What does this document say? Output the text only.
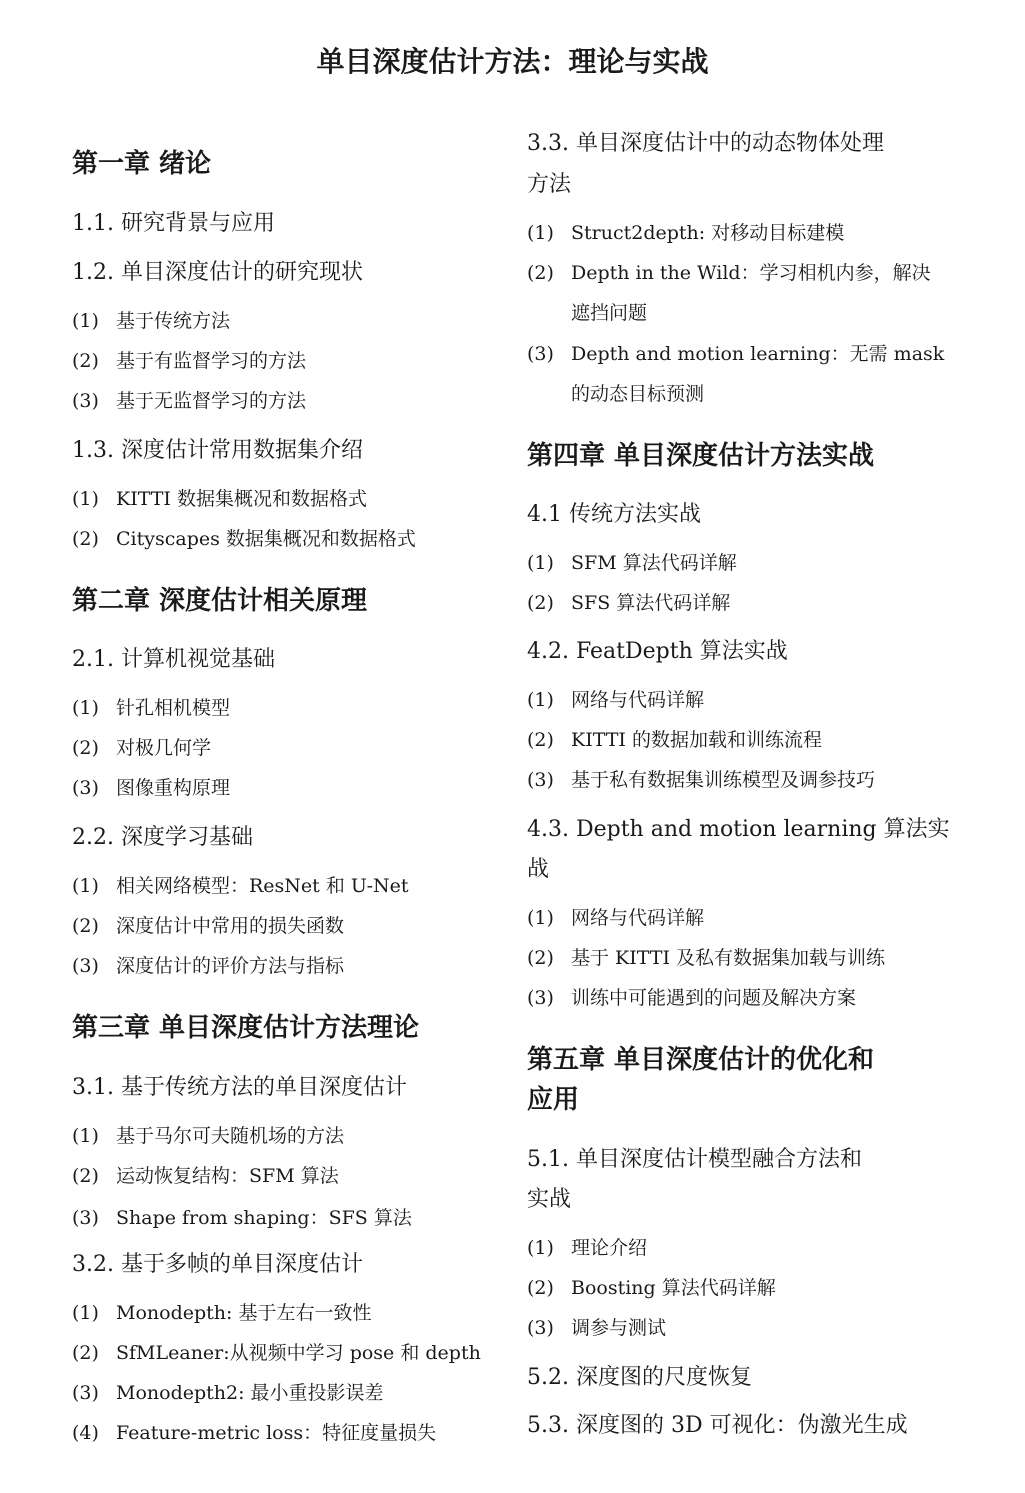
单目深度估计方法：理论与实战
第一章 绪论
1.1. 研究背景与应用
1.2. 单目深度估计的研究现状
(1) 基于传统方法
(2) 基于有监督学习的方法
(3) 基于无监督学习的方法
1.3. 深度估计常用数据集介绍
(1) KITTI 数据集概况和数据格式
(2) Cityscapes 数据集概况和数据格式
第二章 深度估计相关原理
2.1. 计算机视觉基础
(1) 针孔相机模型
(2) 对极几何学
(3) 图像重构原理
2.2. 深度学习基础
(1) 相关网络模型：ResNet 和 U-Net
(2) 深度估计中常用的损失函数
(3) 深度估计的评价方法与指标
第三章 单目深度估计方法理论
3.1. 基于传统方法的单目深度估计
(1) 基于马尔可夫随机场的方法
(2) 运动恢复结构：SFM 算法
(3) Shape from shaping：SFS 算法
3.2. 基于多帧的单目深度估计
(1) Monodepth: 基于左右一致性
(2) SfMLeaner:从视频中学习 pose 和 depth
(3) Monodepth2: 最小重投影误差
(4) Feature-metric loss：特征度量损失
3.3. 单目深度估计中的动态物体处理
方法
(1) Struct2depth: 对移动目标建模
(2) Depth in the Wild：学习相机内参，解决
遮挡问题
(3) Depth and motion learning：无需 mask
的动态目标预测
第四章 单目深度估计方法实战
4.1 传统方法实战
(1) SFM 算法代码详解
(2) SFS 算法代码详解
4.2. FeatDepth 算法实战
(1) 网络与代码详解
(2) KITTI 的数据加载和训练流程
(3) 基于私有数据集训练模型及调参技巧
4.3. Depth and motion learning 算法实
战
(1) 网络与代码详解
(2) 基于 KITTI 及私有数据集加载与训练
(3) 训练中可能遇到的问题及解决方案
第五章 单目深度估计的优化和
应用
5.1. 单目深度估计模型融合方法和
实战
(1) 理论介绍
(2) Boosting 算法代码详解
(3) 调参与测试
5.2. 深度图的尺度恢复
5.3. 深度图的 3D 可视化：伪激光生成
